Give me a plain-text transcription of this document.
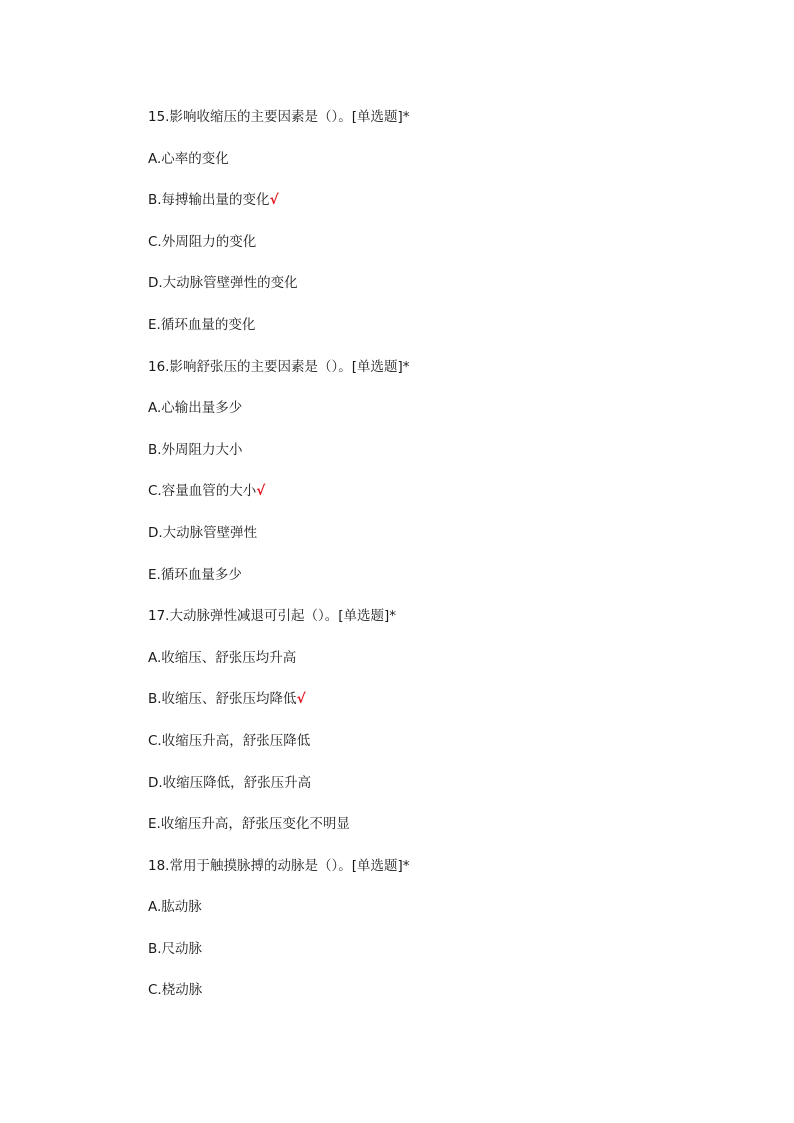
15.影响收缩压的主要因素是（）。[单选题]*
A.心率的变化
B.每搏输出量的变化√
C.外周阻力的变化
D.大动脉管壁弹性的变化
E.循环血量的变化
16.影响舒张压的主要因素是（）。[单选题]*
A.心输出量多少
B.外周阻力大小
C.容量血管的大小√
D.大动脉管壁弹性
E.循环血量多少
17.大动脉弹性减退可引起（）。[单选题]*
A.收缩压、舒张压均升高
B.收缩压、舒张压均降低√
C.收缩压升高，舒张压降低
D.收缩压降低，舒张压升高
E.收缩压升高，舒张压变化不明显
18.常用于触摸脉搏的动脉是（）。[单选题]*
A.肱动脉
B.尺动脉
C.桡动脉
